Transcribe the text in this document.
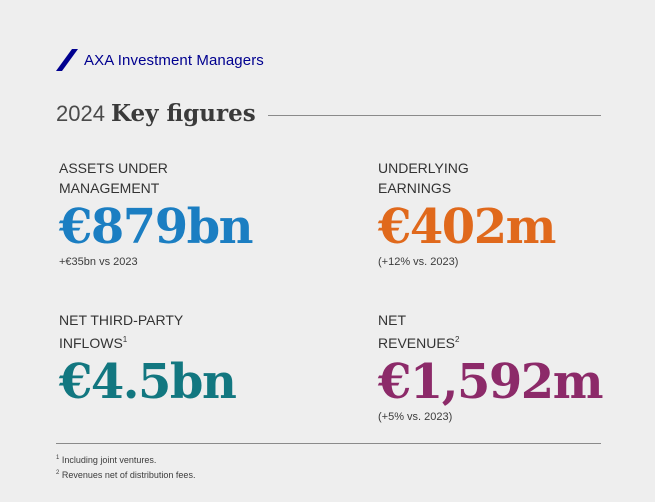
AXA Investment Managers
2024 Key figures
ASSETS UNDER
MANAGEMENT
€879bn
+€35bn vs 2023
UNDERLYING
EARNINGS
€402m
(+12% vs. 2023)
NET THIRD-PARTY
INFLOWS$^1$
€4.5bn
NET
REVENUES$^2$
€1,592m
(+5% vs. 2023)
$^1$ Including joint ventures.
$^2$ Revenues net of distribution fees.
